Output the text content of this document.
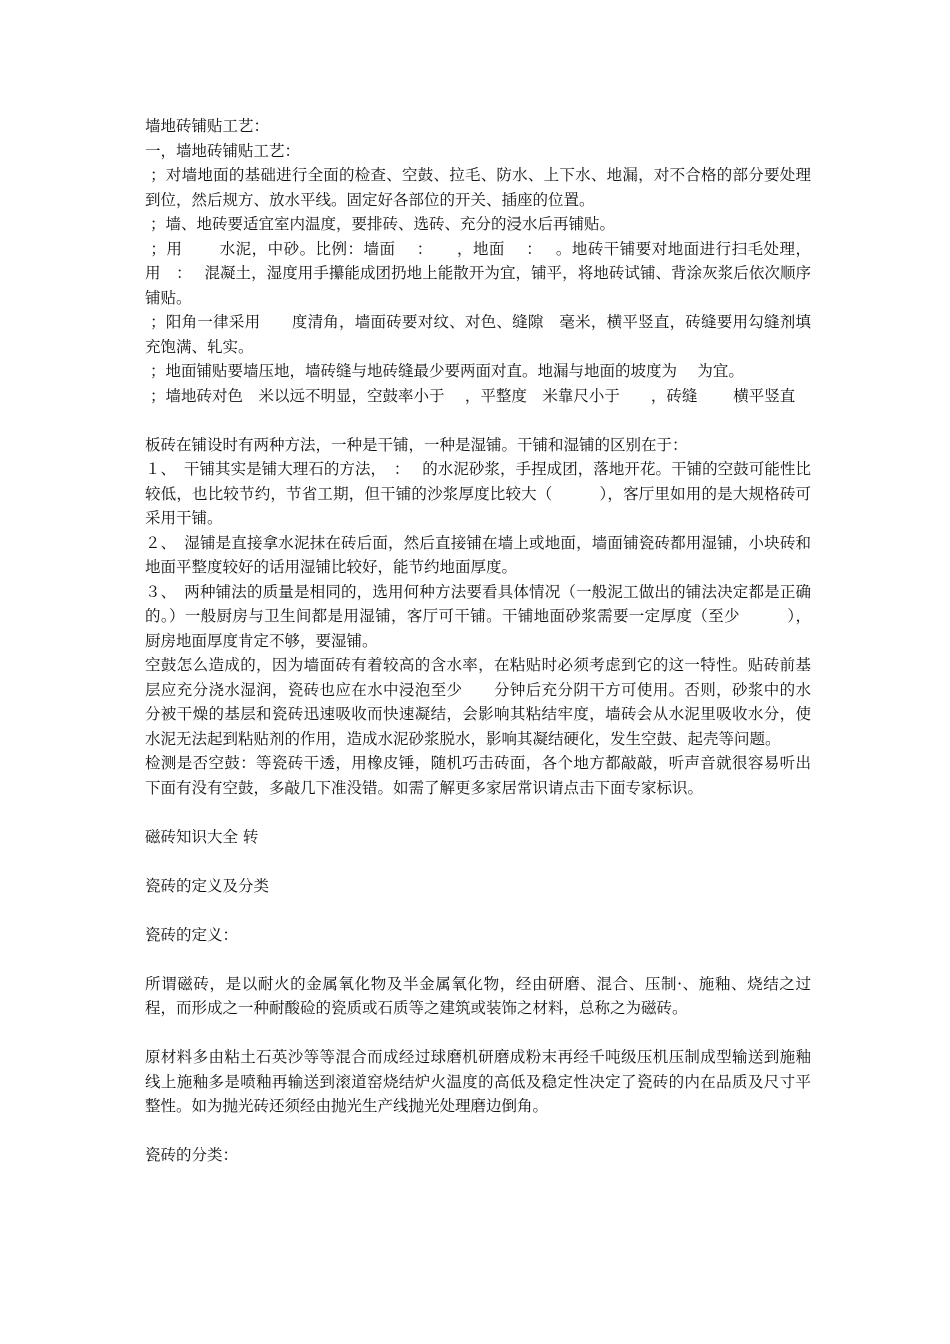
墙地砖铺贴工艺：

一，墙地砖铺贴工艺：

；对墙地面的基础进行全面的检查、空鼓、拉毛、防水、上下水、地漏，对不合格的部分要处理到位，然后规方、放水平线。固定好各部位的开关、插座的位置。

；墙、地砖要适宜室内温度，要排砖、选砖、充分的浸水后再铺贴。

；用　　 水泥，中砂。比例：墙面　 ：　　，地面　 ：　 。地砖干铺要对地面进行扫毛处理，用　：　 混凝土，湿度用手攥能成团扔地上能散开为宜，铺平，将地砖试铺、背涂灰浆后依次顺序铺贴。

；阳角一律采用　　度清角，墙面砖要对纹、对色、缝隙　毫米，横平竖直，砖缝要用勾缝剂填充饱满、轧实。

；地面铺贴要墙压地，墙砖缝与地砖缝最少要两面对直。地漏与地面的坡度为　 为宜。

；墙地砖对色　米以远不明显，空鼓率小于　 ，平整度　米靠尺小于　　，砖缝　　 横平竖直

板砖在铺设时有两种方法，一种是干铺，一种是湿铺。干铺和湿铺的区别在于：

１、　干铺其实是铺大理石的方法，　：　 的水泥砂浆，手捏成团，落地开花。干铺的空鼓可能性比较低，也比较节约，节省工期，但干铺的沙浆厚度比较大（　　　），客厅里如用的是大规格砖可采用干铺。

２、　湿铺是直接拿水泥抹在砖后面，然后直接铺在墙上或地面，墙面铺瓷砖都用湿铺，小块砖和地面平整度较好的话用湿铺比较好，能节约地面厚度。

３、　两种铺法的质量是相同的，选用何种方法要看具体情况（一般泥工做出的铺法决定都是正确的。）一般厨房与卫生间都是用湿铺，客厅可干铺。干铺地面砂浆需要一定厚度（至少　　　），厨房地面厚度肯定不够，要湿铺。

空鼓怎么造成的，因为墙面砖有着较高的含水率，在粘贴时必须考虑到它的这一特性。贴砖前基层应充分浇水湿润，瓷砖也应在水中浸泡至少　　分钟后充分阴干方可使用。否则，砂浆中的水分被干燥的基层和瓷砖迅速吸收而快速凝结，会影响其粘结牢度，墙砖会从水泥里吸收水分，使水泥无法起到粘贴剂的作用，造成水泥砂浆脱水，影响其凝结硬化，发生空鼓、起壳等问题。

检测是否空鼓：等瓷砖干透，用橡皮锤，随机巧击砖面，各个地方都敲敲，听声音就很容易听出下面有没有空鼓，多敲几下准没错。如需了解更多家居常识请点击下面专家标识。

磁砖知识大全 转

瓷砖的定义及分类

瓷砖的定义：

所谓磁砖，是以耐火的金属氧化物及半金属氧化物，经由研磨、混合、压制·、施釉、烧结之过程，而形成之一种耐酸硷的瓷质或石质等之建筑或装饰之材料，总称之为磁砖。

原材料多由粘土石英沙等等混合而成经过球磨机研磨成粉末再经千吨级压机压制成型输送到施釉线上施釉多是喷釉再输送到滚道窑烧结炉火温度的高低及稳定性决定了瓷砖的内在品质及尺寸平整性。如为抛光砖还须经由抛光生产线抛光处理磨边倒角。

瓷砖的分类：
